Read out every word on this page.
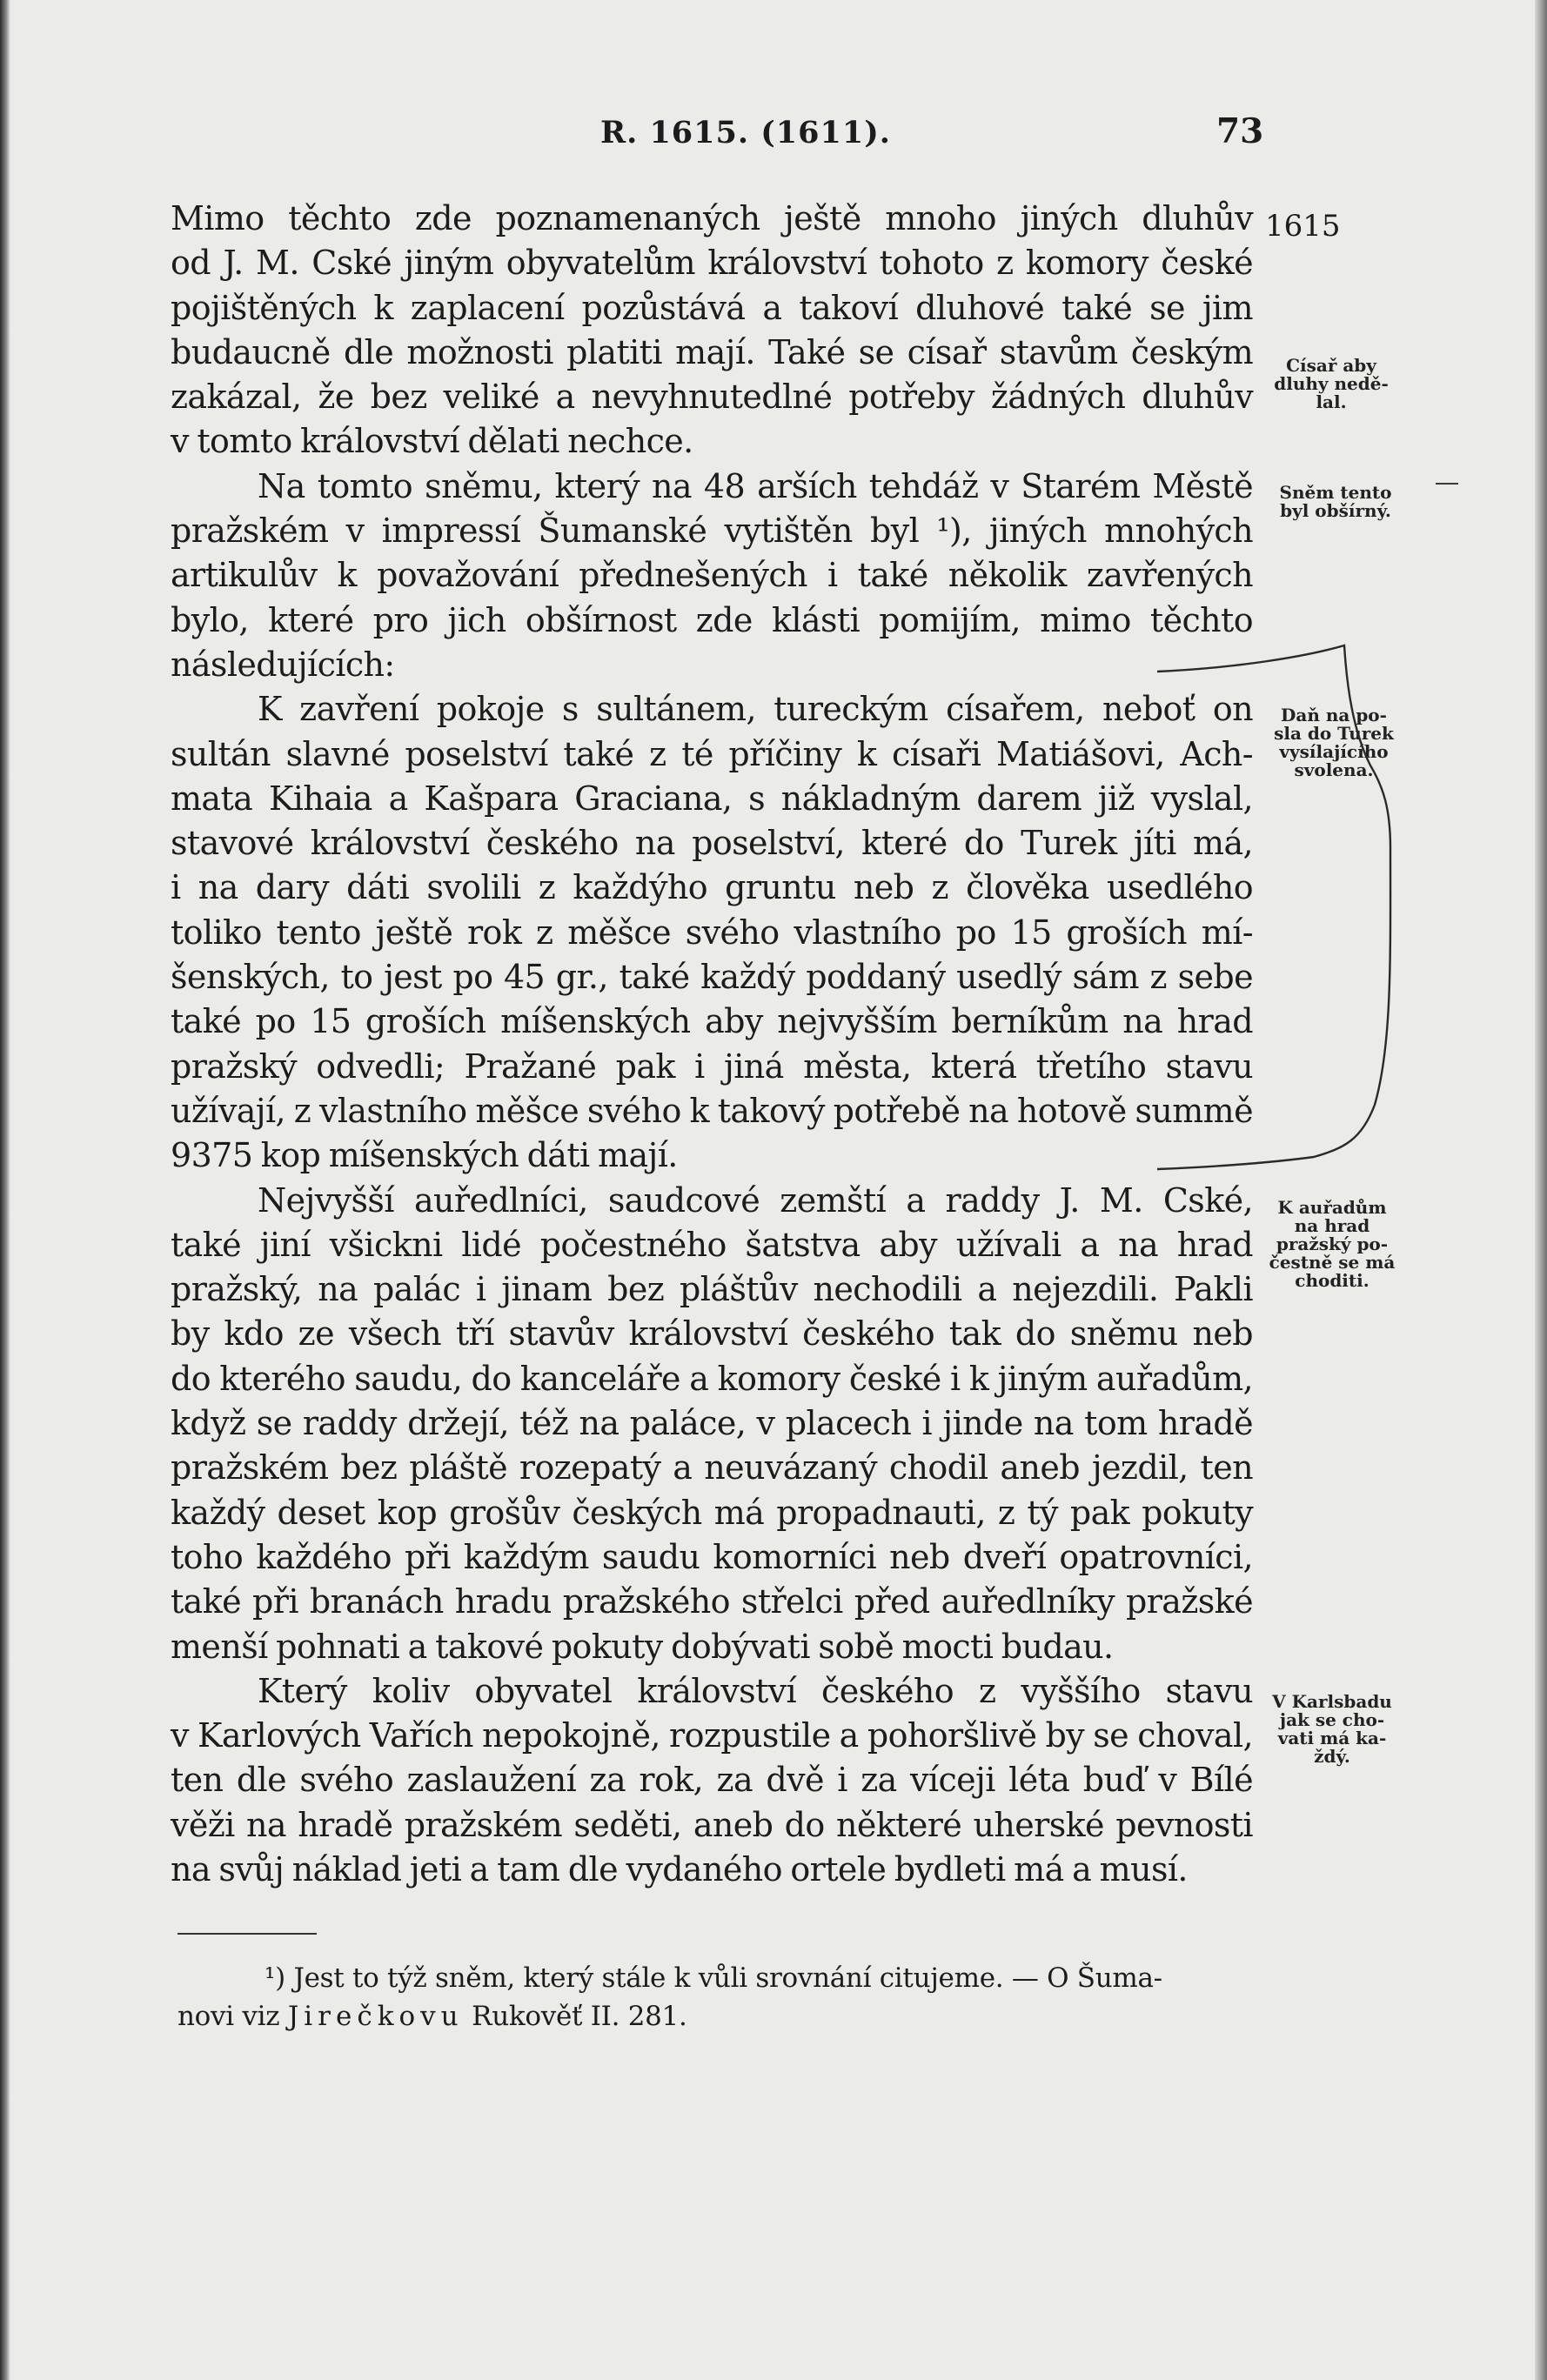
R. 1615. (1611).	73
1615
Mimo těchto zde poznamenaných ještě mnoho jiných dluhův
od J. M. Cské jiným obyvatelům království tohoto z komory české
pojištěných k zaplacení pozůstává a takoví dluhové také se jim
budaucně dle možnosti platiti mají. Také se císař stavům českým
zakázal, že bez veliké a nevyhnutedlné potřeby žádných dluhův
v tomto království dělati nechce.
Na tomto sněmu, který na 48 arších tehdáž v Starém Městě
pražském v impressí Šumanské vytištěn byl ¹), jiných mnohých
artikulův k považování přednešených i také několik zavřených
bylo, které pro jich obšírnost zde klásti pomijím, mimo těchto
následujících:
K zavření pokoje s sultánem, tureckým císařem, neboť on
sultán slavné poselství také z té příčiny k císaři Matiášovi, Ach-
mata Kihaia a Kašpara Graciana, s nákladným darem již vyslal,
stavové království českého na poselství, které do Turek jíti má,
i na dary dáti svolili z každýho gruntu neb z člověka usedlého
toliko tento ještě rok z měšce svého vlastního po 15 groších mí-
šenských, to jest po 45 gr., také každý poddaný usedlý sám z sebe
také po 15 groších míšenských aby nejvyšším berníkům na hrad
pražský odvedli; Pražané pak i jiná města, která třetího stavu
užívají, z vlastního měšce svého k takový potřebě na hotově summě
9375 kop míšenských dáti mají.
Nejvyšší auředlníci, saudcové zemští a raddy J. M. Cské,
také jiní všickni lidé počestného šatstva aby užívali a na hrad
pražský, na palác i jinam bez pláštův nechodili a nejezdili. Pakli
by kdo ze všech tří stavův království českého tak do sněmu neb
do kterého saudu, do kanceláře a komory české i k jiným auřadům,
když se raddy držejí, též na paláce, v placech i jinde na tom hradě
pražském bez pláště rozepatý a neuvázaný chodil aneb jezdil, ten
každý deset kop grošův českých má propadnauti, z tý pak pokuty
toho každého při každým saudu komorníci neb dveří opatrovníci,
také při branách hradu pražského střelci před auředlníky pražské
menší pohnati a takové pokuty dobývati sobě mocti budau.
Který koliv obyvatel království českého z vyššího stavu
v Karlových Vařích nepokojně, rozpustile a pohoršlivě by se choval,
ten dle svého zaslaužení za rok, za dvě i za víceji léta buď v Bílé
věži na hradě pražském seděti, aneb do některé uherské pevnosti
na svůj náklad jeti a tam dle vydaného ortele bydleti má a musí.
Císař aby
dluhy nedě-
lal.
Sněm tento
byl obšírný.
Daň na po-
sla do Turek
vysílajícího
svolena.
K auřadům
na hrad
pražský po-
čestně se má
choditi.
V Karlsbadu
jak se cho-
vati má ka-
ždý.
¹) Jest to týž sněm, který stále k vůli srovnání citujeme. — O Šuma-
novi viz Jirečkovu Rukověť II. 281.
